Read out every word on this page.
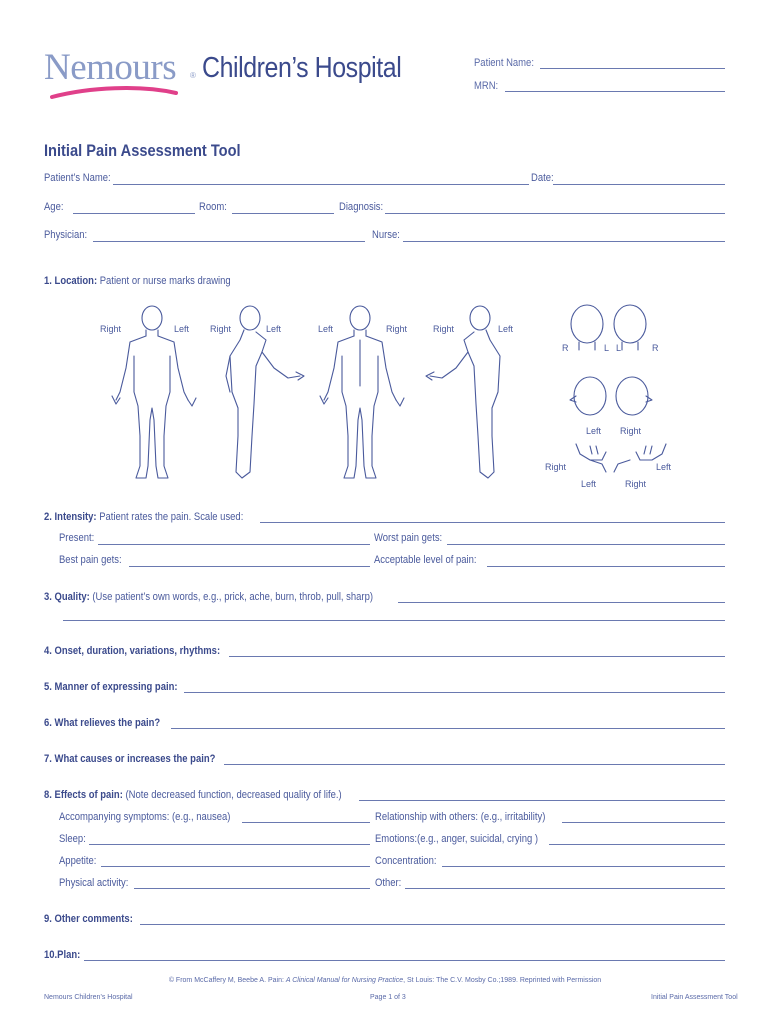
Nemours ® Children’s Hospital	Patient Name:
MRN:
Initial Pain Assessment Tool
Patient’s Name:	Date:
Age:	Room:	Diagnosis:
Physician:	Nurse:
1. Location: Patient or nurse marks drawing
Right	Left Right	Left	Left	Right	Right	Left
R	L L	R
Left Right
Right	Left
Left	Right
2. Intensity: Patient rates the pain. Scale used:
Present:	Worst pain gets:
Best pain gets:	Acceptable level of pain:
3. Quality: (Use patient’s own words, e.g., prick, ache, burn, throb, pull, sharp)
4. Onset, duration, variations, rhythms:
5. Manner of expressing pain:
6. What relieves the pain?
7. What causes or increases the pain?
8. Effects of pain: (Note decreased function, decreased quality of life.)
Accompanying symptoms: (e.g., nausea)	Relationship with others: (e.g., irritability)
Sleep:	Emotions:(e.g., anger, suicidal, crying )
Appetite:	Concentration:
Physical activity:	Other:
9. Other comments:
10.Plan:
© From McCaffery M, Beebe A. Pain: A Clinical Manual for Nursing Practice, St Louis: The C.V. Mosby Co.;1989. Reprinted with Permission
Nemours Children’s Hospital	Page 1 of 3	Initial Pain Assessment Tool
